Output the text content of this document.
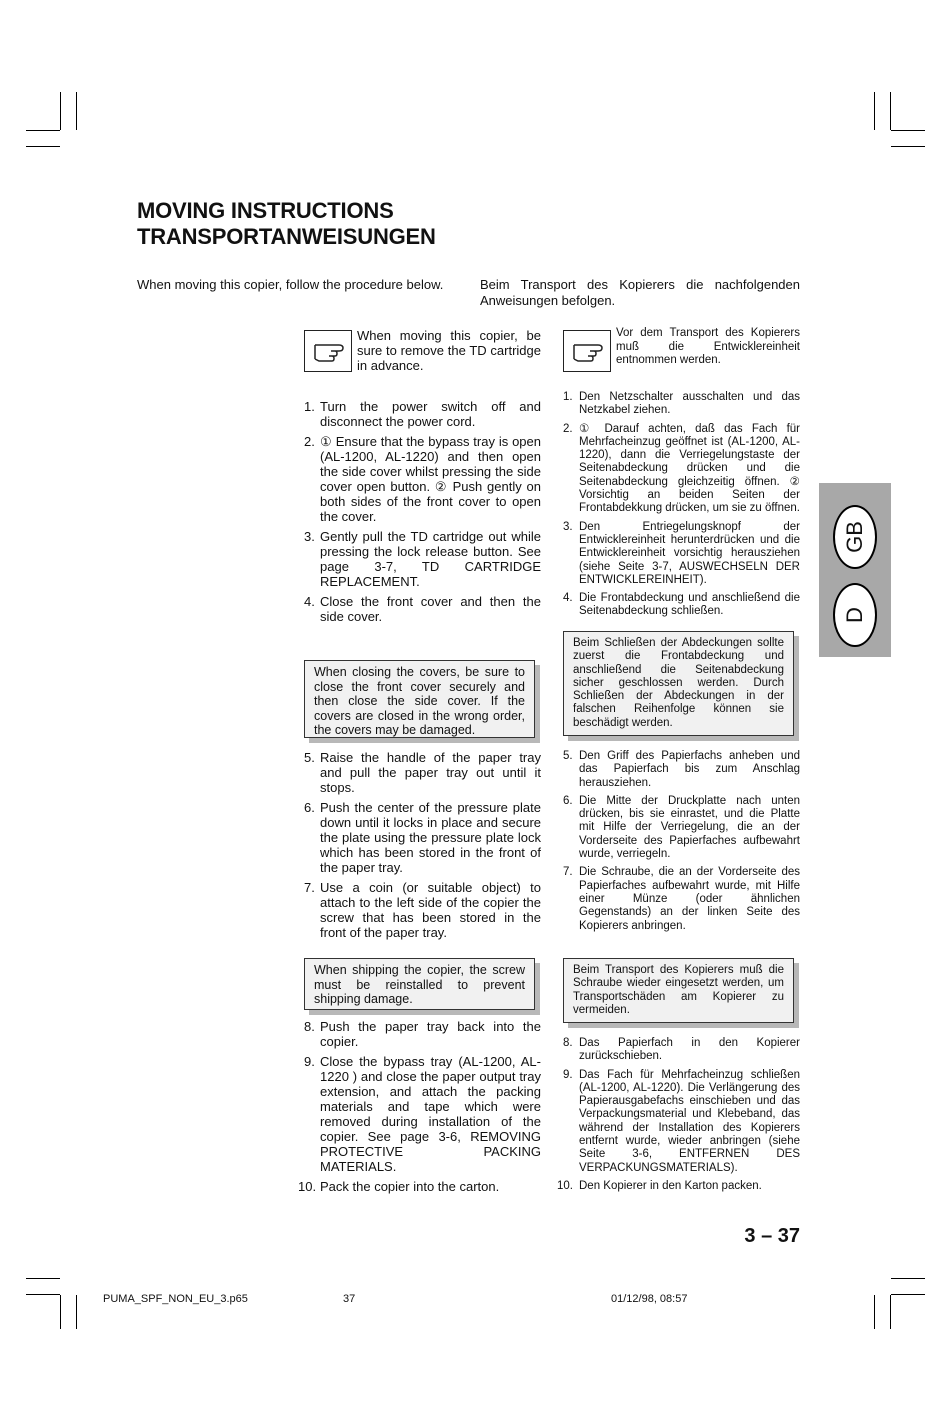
MOVING INSTRUCTIONS
TRANSPORTANWEISUNGEN
When moving this copier, follow the procedure below.	Beim Transport des Kopierers die nachfolgenden Anweisungen befolgen.
When moving this copier, be sure to remove the TD cartridge in advance.
Vor dem Transport des Kopierers muß die Entwicklereinheit entnommen werden.
1. Turn the power switch off and disconnect the power cord.
2. ① Ensure that the bypass tray is open (AL-1200, AL-1220) and then open the side cover whilst pressing the side cover open button. ② Push gently on both sides of the front cover to open the cover.
3. Gently pull the TD cartridge out while pressing the lock release button. See page 3-7, TD CARTRIDGE REPLACEMENT.
4. Close the front cover and then the side cover.
1. Den Netzschalter ausschalten und das Netzkabel ziehen.
2. ① Darauf achten, daß das Fach für Mehrfacheinzug geöffnet ist (AL-1200, AL-1220), dann die Verriegelungstaste der Seitenabdeckung drücken und die Seitenabdeckung gleichzeitig öffnen. ② Vorsichtig an beiden Seiten der Frontabdekkung drücken, um sie zu öffnen.
3. Den Entriegelungsknopf der Entwicklereinheit herunterdrücken und die Entwicklereinheit vorsichtig herausziehen (siehe Seite 3-7, AUSWECHSELN DER ENTWICKLEREINHEIT).
4. Die Frontabdeckung und anschließend die Seitenabdeckung schließen.
When closing the covers, be sure to close the front cover securely and then close the side cover. If the covers are closed in the wrong order, the covers may be damaged.
Beim Schließen der Abdeckungen sollte zuerst die Frontabdeckung und anschließend die Seitenabdeckung sicher geschlossen werden. Durch Schließen der Abdeckungen in der falschen Reihenfolge können sie beschädigt werden.
5. Raise the handle of the paper tray and pull the paper tray out until it stops.
6. Push the center of the pressure plate down until it locks in place and secure the plate using the pressure plate lock which has been stored in the front of the paper tray.
7. Use a coin (or suitable object) to attach to the left side of the copier the screw that has been stored in the front of the paper tray.
5. Den Griff des Papierfachs anheben und das Papierfach bis zum Anschlag herausziehen.
6. Die Mitte der Druckplatte nach unten drücken, bis sie einrastet, und die Platte mit Hilfe der Verriegelung, die an der Vorderseite des Papierfaches aufbewahrt wurde, verriegeln.
7. Die Schraube, die an der Vorderseite des Papierfaches aufbewahrt wurde, mit Hilfe einer Münze (oder ähnlichen Gegenstands) an der linken Seite des Kopierers anbringen.
When shipping the copier, the screw must be reinstalled to prevent shipping damage.
Beim Transport des Kopierers muß die Schraube wieder eingesetzt werden, um Transportschäden am Kopierer zu vermeiden.
8. Push the paper tray back into the copier.
9. Close the bypass tray (AL-1200, AL-1220 ) and close the paper output tray extension, and attach the packing materials and tape which were removed during installation of the copier. See page 3-6, REMOVING PROTECTIVE PACKING MATERIALS.
10. Pack the copier into the carton.
8. Das Papierfach in den Kopierer zurückschieben.
9. Das Fach für Mehrfacheinzug schließen (AL-1200, AL-1220). Die Verlängerung des Papierausgabefachs einschieben und das Verpackungsmaterial und Klebeband, das während der Installation des Kopierers entfernt wurde, wieder anbringen (siehe Seite 3-6, ENTFERNEN DES VERPACKUNGSMATERIALS).
10. Den Kopierer in den Karton packen.
GB
D
3 – 37
PUMA_SPF_NON_EU_3.p65	37	01/12/98, 08:57
